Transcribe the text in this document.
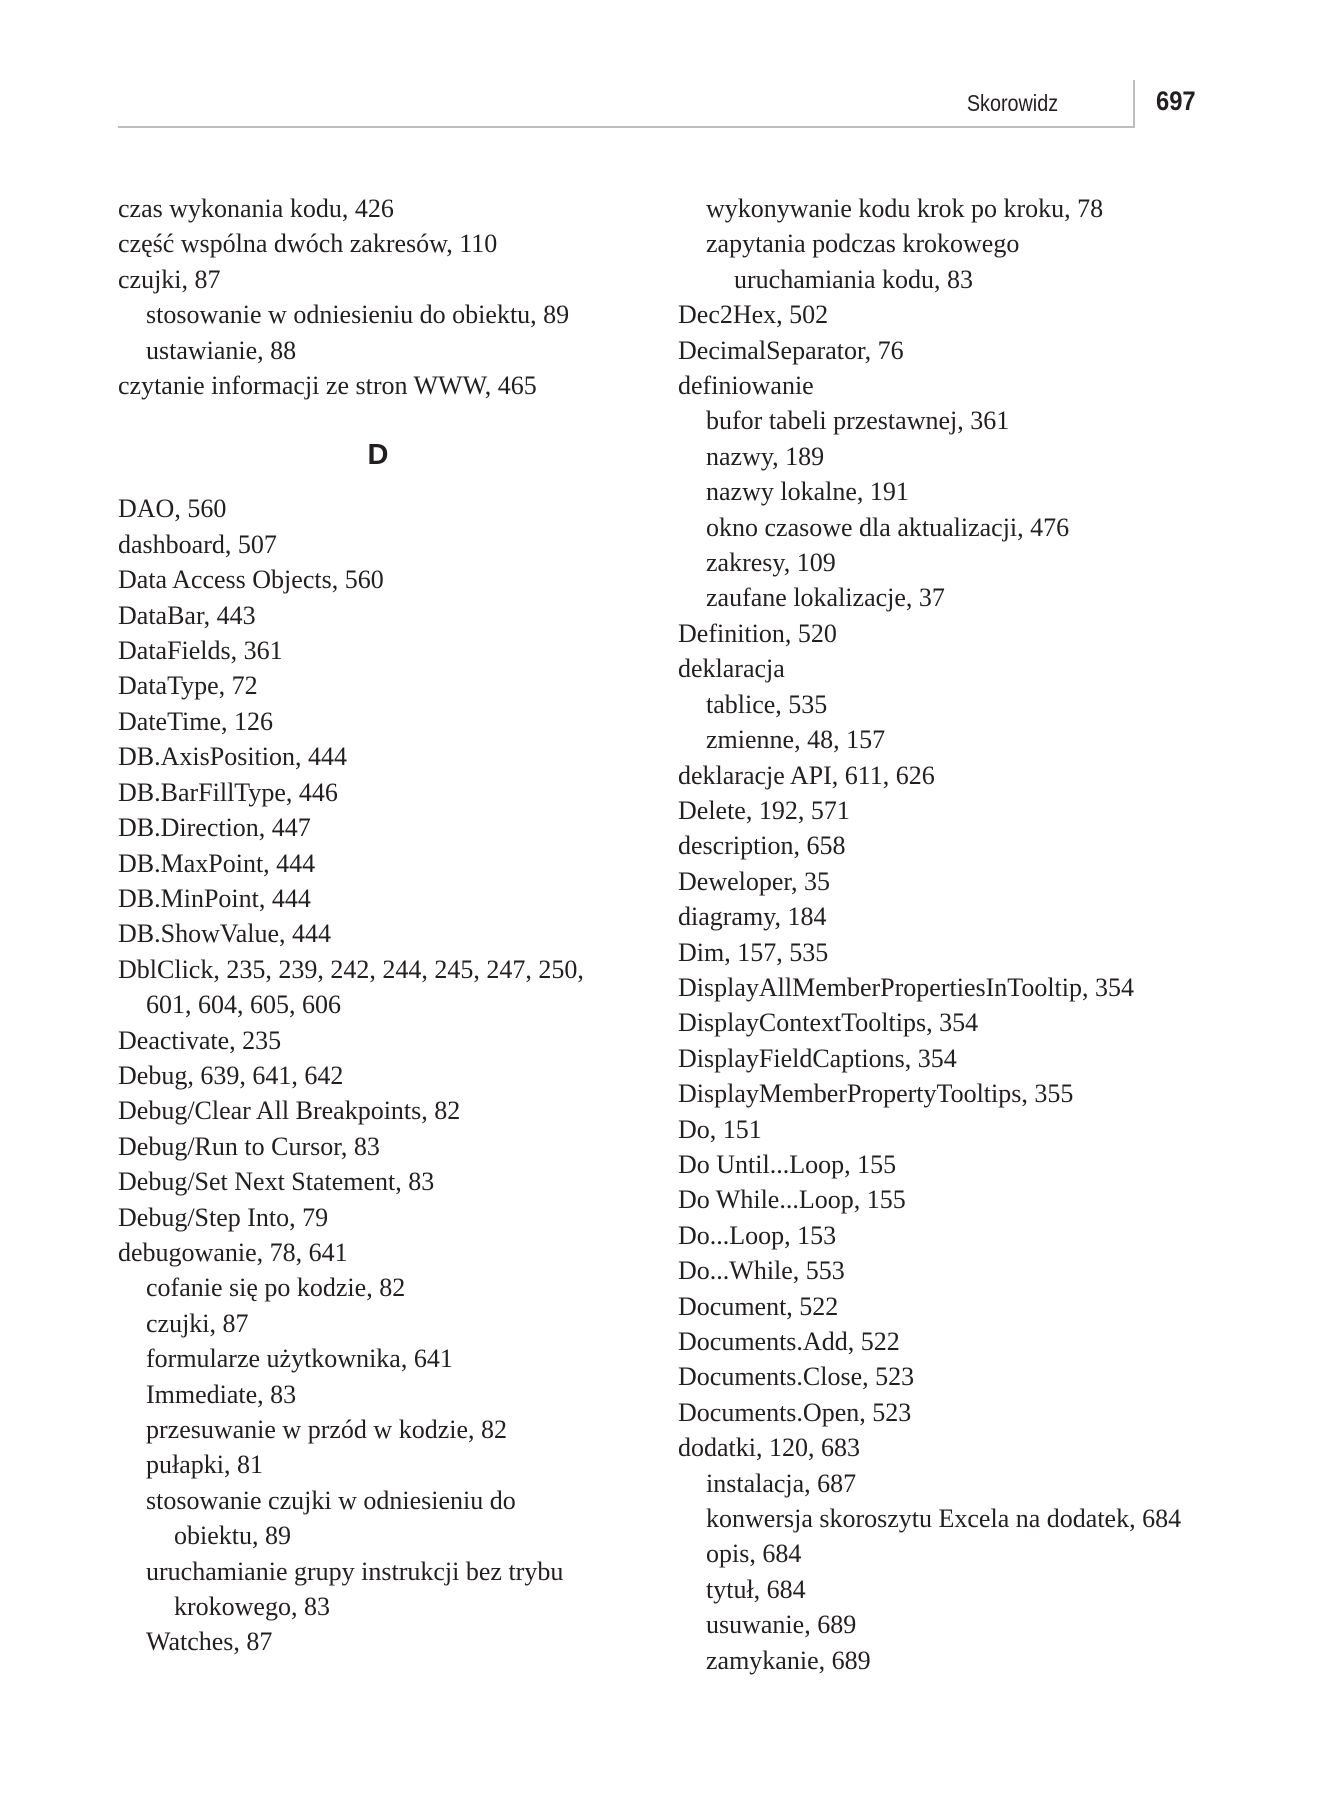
Skorowidz	697
czas wykonania kodu, 426
część wspólna dwóch zakresów, 110
czujki, 87
stosowanie w odniesieniu do obiektu, 89
ustawianie, 88
czytanie informacji ze stron WWW, 465
D
DAO, 560
dashboard, 507
Data Access Objects, 560
DataBar, 443
DataFields, 361
DataType, 72
DateTime, 126
DB.AxisPosition, 444
DB.BarFillType, 446
DB.Direction, 447
DB.MaxPoint, 444
DB.MinPoint, 444
DB.ShowValue, 444
DblClick, 235, 239, 242, 244, 245, 247, 250,
601, 604, 605, 606
Deactivate, 235
Debug, 639, 641, 642
Debug/Clear All Breakpoints, 82
Debug/Run to Cursor, 83
Debug/Set Next Statement, 83
Debug/Step Into, 79
debugowanie, 78, 641
cofanie się po kodzie, 82
czujki, 87
formularze użytkownika, 641
Immediate, 83
przesuwanie w przód w kodzie, 82
pułapki, 81
stosowanie czujki w odniesieniu do
obiektu, 89
uruchamianie grupy instrukcji bez trybu
krokowego, 83
Watches, 87
wykonywanie kodu krok po kroku, 78
zapytania podczas krokowego
uruchamiania kodu, 83
Dec2Hex, 502
DecimalSeparator, 76
definiowanie
bufor tabeli przestawnej, 361
nazwy, 189
nazwy lokalne, 191
okno czasowe dla aktualizacji, 476
zakresy, 109
zaufane lokalizacje, 37
Definition, 520
deklaracja
tablice, 535
zmienne, 48, 157
deklaracje API, 611, 626
Delete, 192, 571
description, 658
Deweloper, 35
diagramy, 184
Dim, 157, 535
DisplayAllMemberPropertiesInTooltip, 354
DisplayContextTooltips, 354
DisplayFieldCaptions, 354
DisplayMemberPropertyTooltips, 355
Do, 151
Do Until...Loop, 155
Do While...Loop, 155
Do...Loop, 153
Do...While, 553
Document, 522
Documents.Add, 522
Documents.Close, 523
Documents.Open, 523
dodatki, 120, 683
instalacja, 687
konwersja skoroszytu Excela na dodatek, 684
opis, 684
tytuł, 684
usuwanie, 689
zamykanie, 689
